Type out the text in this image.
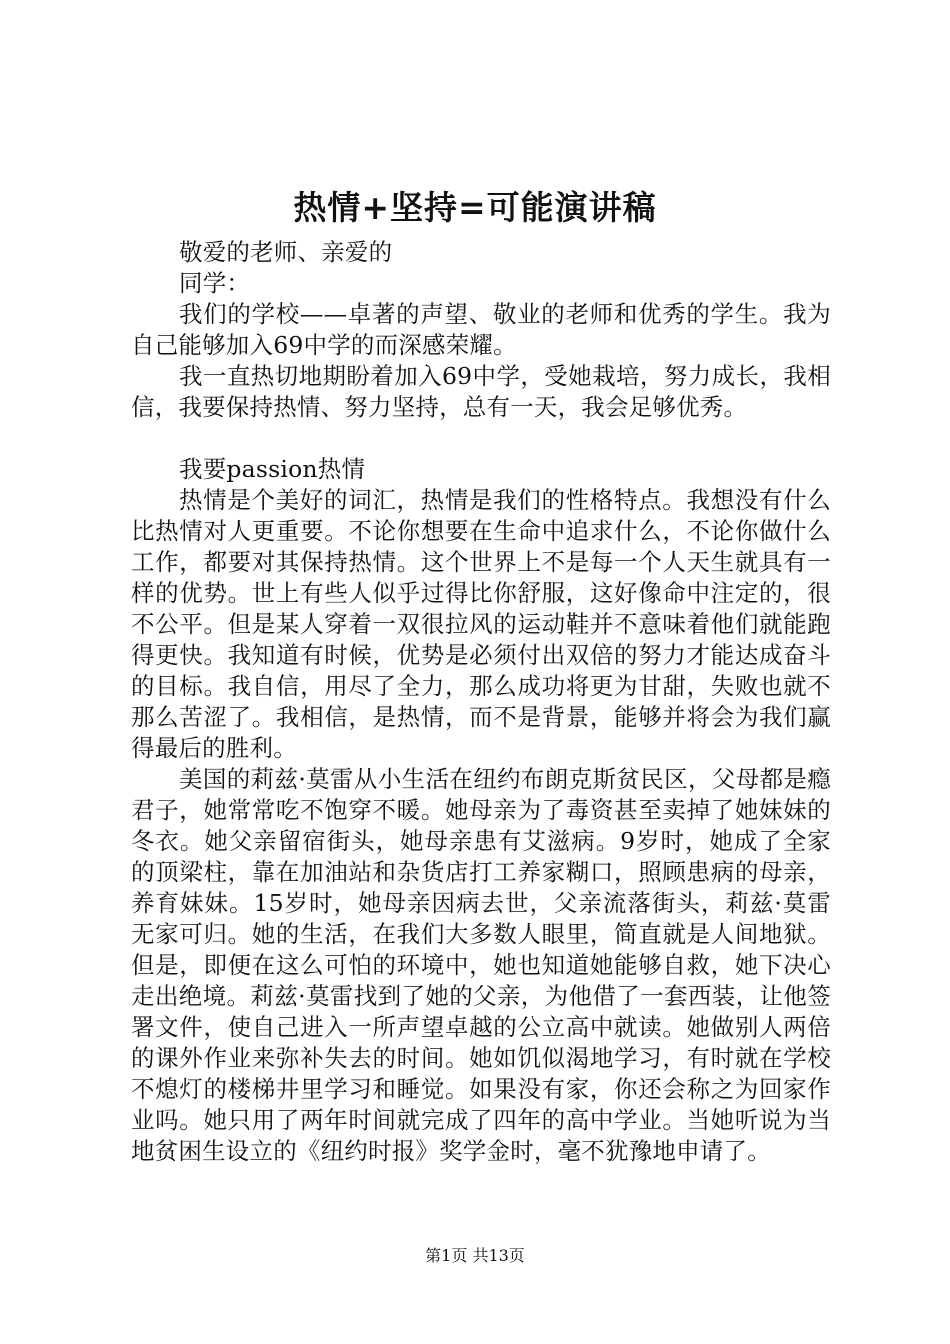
热情+坚持=可能演讲稿

敬爱的老师、亲爱的

同学：

我们的学校——卓著的声望、敬业的老师和优秀的学生。我为自己能够加入69中学的而深感荣耀。

我一直热切地期盼着加入69中学，受她栽培，努力成长，我相信，我要保持热情、努力坚持，总有一天，我会足够优秀。

我要passion热情

热情是个美好的词汇，热情是我们的性格特点。我想没有什么比热情对人更重要。不论你想要在生命中追求什么，不论你做什么工作，都要对其保持热情。这个世界上不是每一个人天生就具有一样的优势。世上有些人似乎过得比你舒服，这好像命中注定的，很不公平。但是某人穿着一双很拉风的运动鞋并不意味着他们就能跑得更快。我知道有时候，优势是必须付出双倍的努力才能达成奋斗的目标。我自信，用尽了全力，那么成功将更为甘甜，失败也就不那么苦涩了。我相信，是热情，而不是背景，能够并将会为我们赢得最后的胜利。

美国的莉兹·莫雷从小生活在纽约布朗克斯贫民区，父母都是瘾君子，她常常吃不饱穿不暖。她母亲为了毒资甚至卖掉了她妹妹的冬衣。她父亲留宿街头，她母亲患有艾滋病。9岁时，她成了全家的顶梁柱，靠在加油站和杂货店打工养家糊口，照顾患病的母亲，养育妹妹。15岁时，她母亲因病去世，父亲流落街头，莉兹·莫雷无家可归。她的生活，在我们大多数人眼里，简直就是人间地狱。但是，即便在这么可怕的环境中，她也知道她能够自救，她下决心走出绝境。莉兹·莫雷找到了她的父亲，为他借了一套西装，让他签署文件，使自己进入一所声望卓越的公立高中就读。她做别人两倍的课外作业来弥补失去的时间。她如饥似渴地学习，有时就在学校不熄灯的楼梯井里学习和睡觉。如果没有家，你还会称之为回家作业吗。她只用了两年时间就完成了四年的高中学业。当她听说为当地贫困生设立的《纽约时报》奖学金时，毫不犹豫地申请了。

第1页 共13页
